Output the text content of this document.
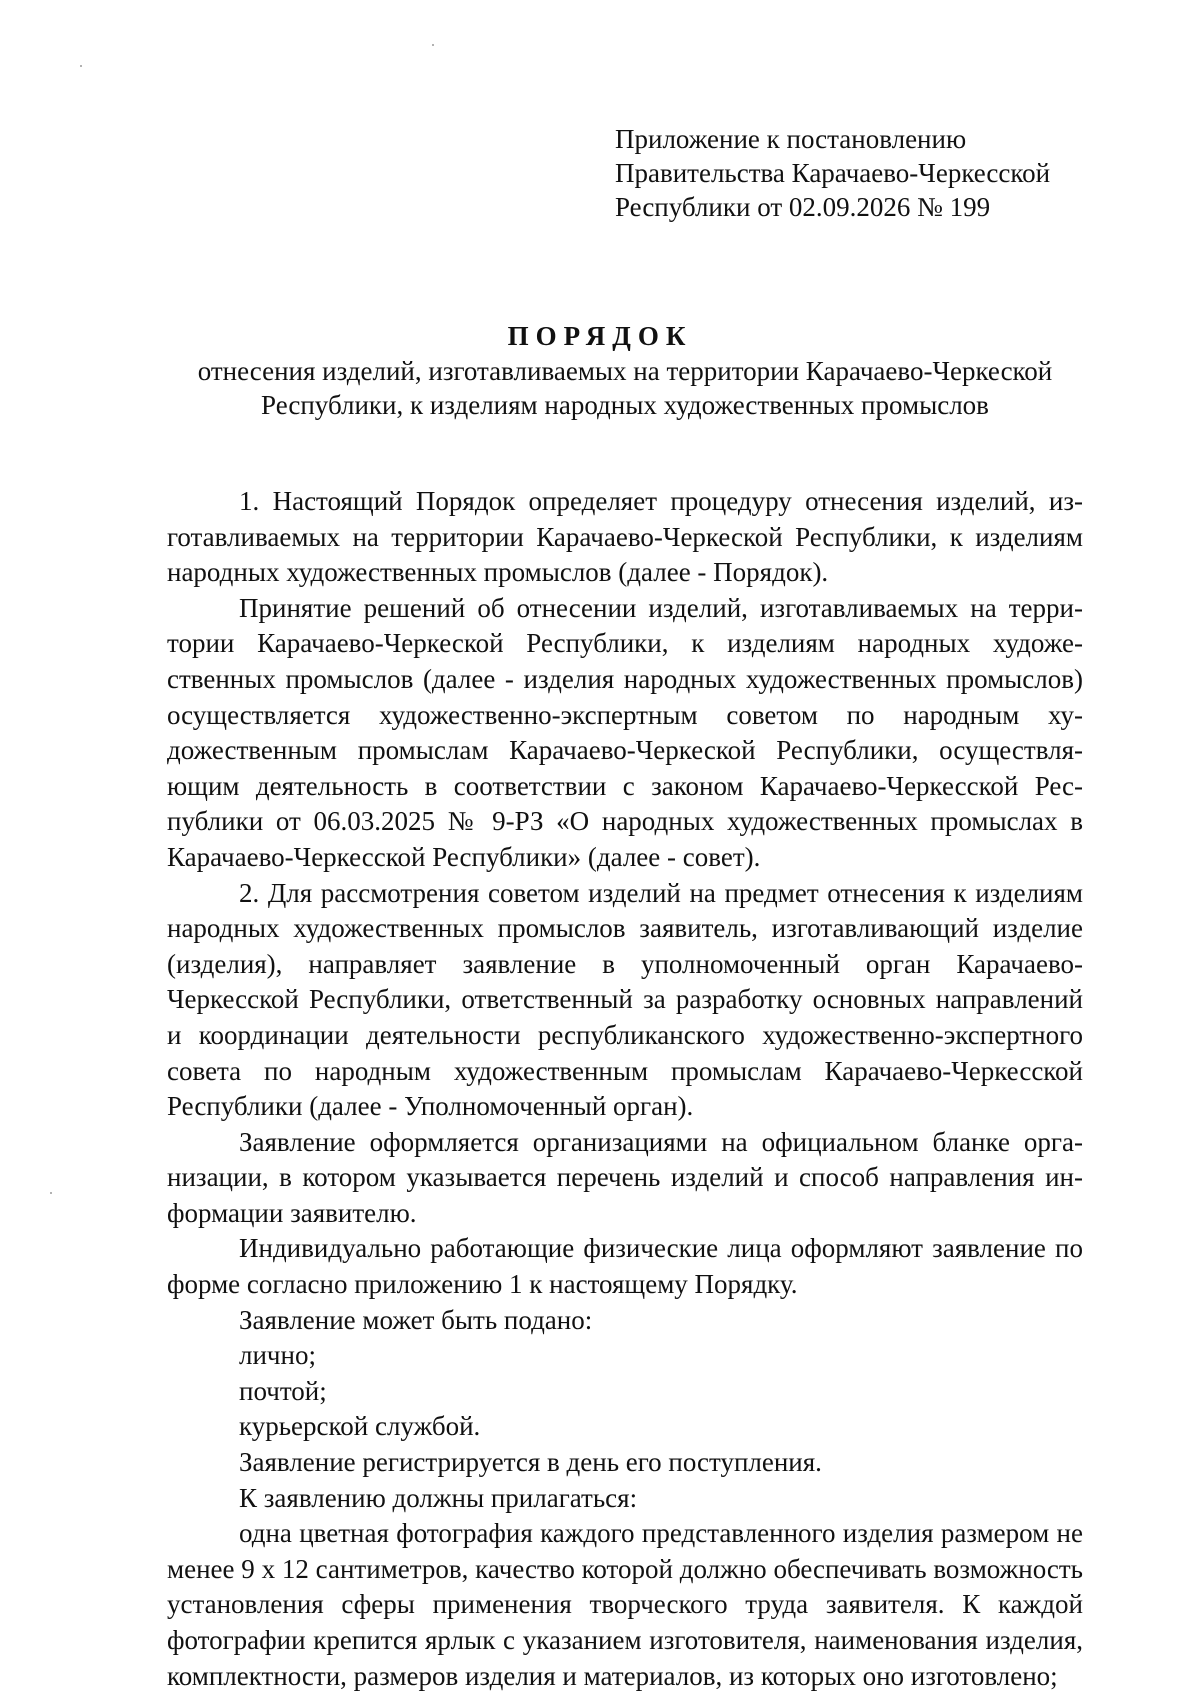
Приложение к постановлению
Правительства Карачаево-Черкесской
Республики от 02.09.2026 № 199
ПОРЯДОК
отнесения изделий, изготавливаемых на территории Карачаево-Черкеской
Республики, к изделиям народных художественных промыслов

1. Настоящий Порядок определяет процедуру отнесения изделий, изготавливаемых на территории Карачаево-Черкеской Республики, к изделиям народных художественных промыслов (далее - Порядок).

Принятие решений об отнесении изделий, изготавливаемых на территории Карачаево-Черкеской Республики, к изделиям народных художественных промыслов (далее - изделия народных художественных промыслов) осуществляется художественно-экспертным советом по народным художественным промыслам Карачаево-Черкеской Республики, осуществляющим деятельность в соответствии с законом Карачаево-Черкесской Республики от 06.03.2025 № 9-РЗ «О народных художественных промыслах в Карачаево-Черкесской Республики» (далее - совет).

2. Для рассмотрения советом изделий на предмет отнесения к изделиям народных художественных промыслов заявитель, изготавливающий изделие (изделия), направляет заявление в уполномоченный орган Карачаево-Черкесской Республики, ответственный за разработку основных направлений и координации деятельности республиканского художественно-экспертного совета по народным художественным промыслам Карачаево-Черкесской Республики (далее - Уполномоченный орган).

Заявление оформляется организациями на официальном бланке организации, в котором указывается перечень изделий и способ направления информации заявителю.

Индивидуально работающие физические лица оформляют заявление по форме согласно приложению 1 к настоящему Порядку.

Заявление может быть подано:

лично;

почтой;

курьерской службой.

Заявление регистрируется в день его поступления.

К заявлению должны прилагаться:

одна цветная фотография каждого представленного изделия размером не менее 9 х 12 сантиметров, качество которой должно обеспечивать возможность установления сферы применения творческого труда заявителя. К каждой фотографии крепится ярлык с указанием изготовителя, наименования изделия, комплектности, размеров изделия и материалов, из которых оно изготовлено;
